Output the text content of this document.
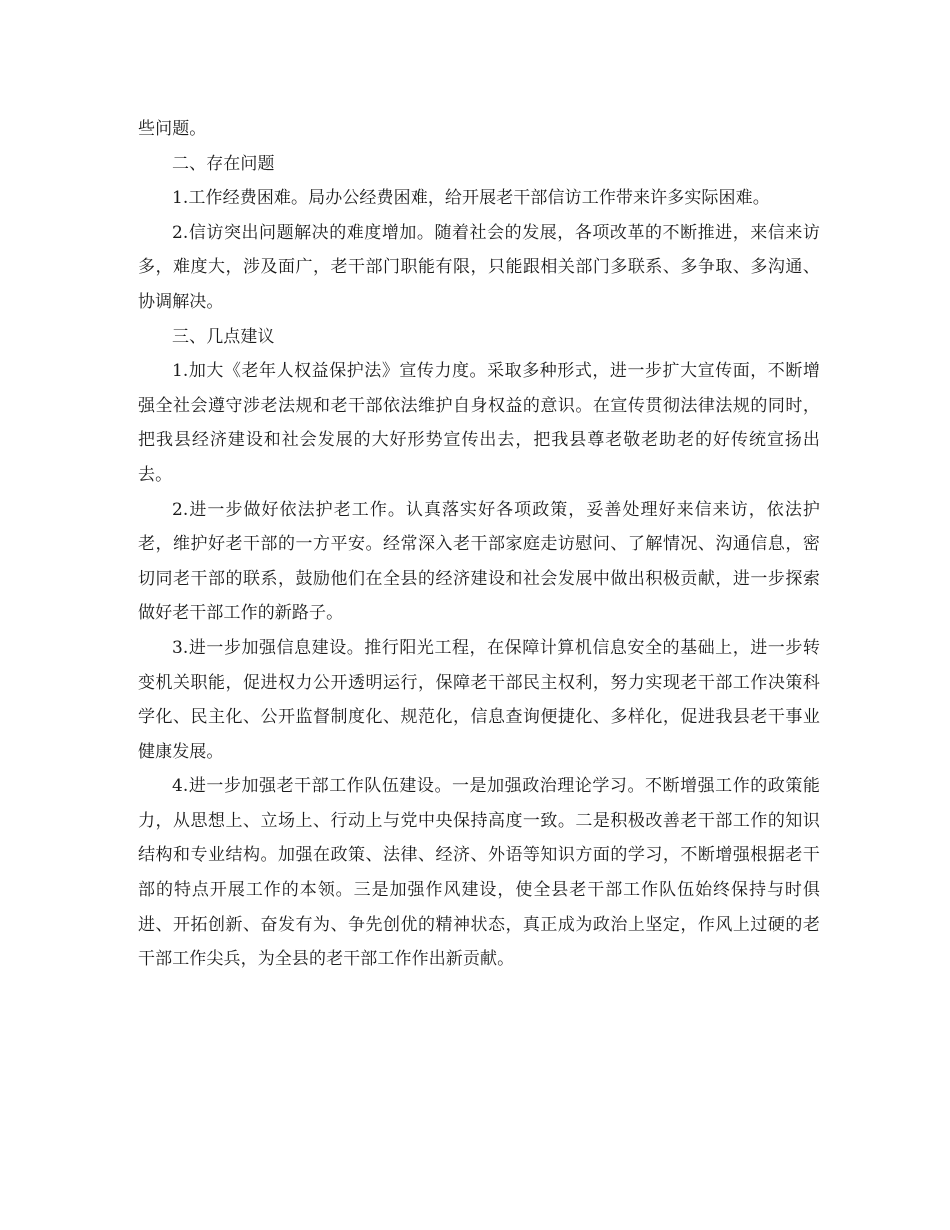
些问题。

二、存在问题

1.工作经费困难。局办公经费困难，给开展老干部信访工作带来许多实际困难。

2.信访突出问题解决的难度增加。随着社会的发展，各项改革的不断推进，来信来访多，难度大，涉及面广，老干部门职能有限，只能跟相关部门多联系、多争取、多沟通、协调解决。

三、几点建议

1.加大《老年人权益保护法》宣传力度。采取多种形式，进一步扩大宣传面，不断增强全社会遵守涉老法规和老干部依法维护自身权益的意识。在宣传贯彻法律法规的同时，把我县经济建设和社会发展的大好形势宣传出去，把我县尊老敬老助老的好传统宣扬出去。

2.进一步做好依法护老工作。认真落实好各项政策，妥善处理好来信来访，依法护老，维护好老干部的一方平安。经常深入老干部家庭走访慰问、了解情况、沟通信息，密切同老干部的联系，鼓励他们在全县的经济建设和社会发展中做出积极贡献，进一步探索做好老干部工作的新路子。

3.进一步加强信息建设。推行阳光工程，在保障计算机信息安全的基础上，进一步转变机关职能，促进权力公开透明运行，保障老干部民主权利，努力实现老干部工作决策科学化、民主化、公开监督制度化、规范化，信息查询便捷化、多样化，促进我县老干事业健康发展。

4.进一步加强老干部工作队伍建设。一是加强政治理论学习。不断增强工作的政策能力，从思想上、立场上、行动上与党中央保持高度一致。二是积极改善老干部工作的知识结构和专业结构。加强在政策、法律、经济、外语等知识方面的学习，不断增强根据老干部的特点开展工作的本领。三是加强作风建设，使全县老干部工作队伍始终保持与时俱进、开拓创新、奋发有为、争先创优的精神状态，真正成为政治上坚定，作风上过硬的老干部工作尖兵，为全县的老干部工作作出新贡献。
